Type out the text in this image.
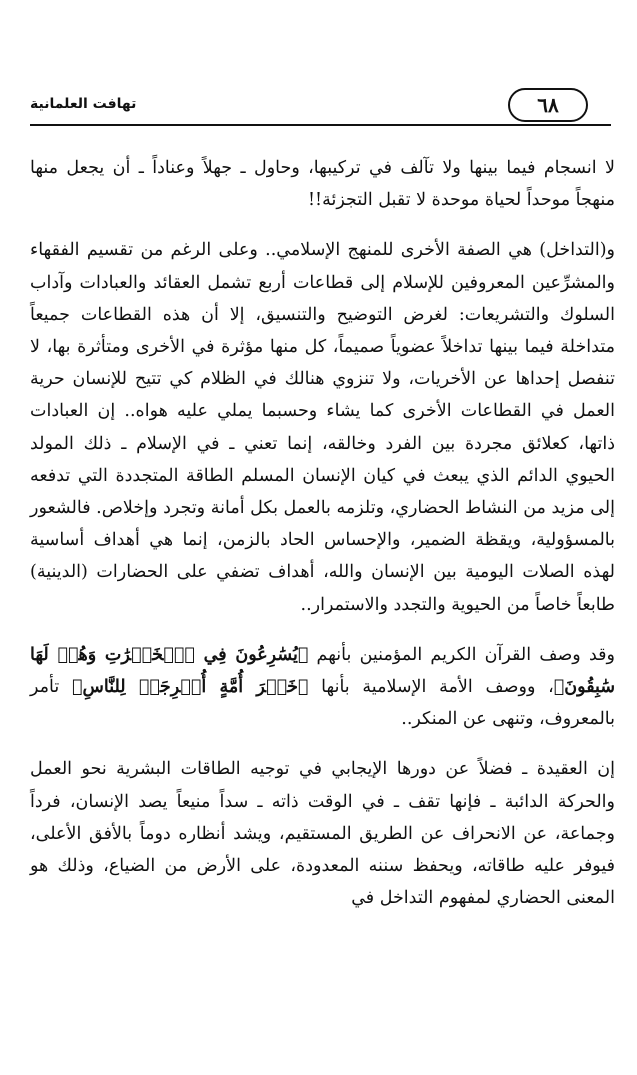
٦٨
تهافت العلمانية

لا انسجام فيما بينها ولا تآلف في تركيبها، وحاول ـ جهلاً وعناداً ـ أن يجعل منها منهجاً موحداً لحياة موحدة لا تقبل التجزئة!!

و(التداخل) هي الصفة الأخرى للمنهج الإسلامي.. وعلى الرغم من تقسيم الفقهاء والمشرِّعين المعروفين للإسلام إلى قطاعات أربع تشمل العقائد والعبادات وآداب السلوك والتشريعات: لغرض التوضيح والتنسيق، إلا أن هذه القطاعات جميعاً متداخلة فيما بينها تداخلاً عضوياً صميماً، كل منها مؤثرة في الأخرى ومتأثرة بها، لا تنفصل إحداها عن الأخريات، ولا تنزوي هنالك في الظلام كي تتيح للإنسان حرية العمل في القطاعات الأخرى كما يشاء وحسبما يملي عليه هواه.. إن العبادات ذاتها، كعلائق مجردة بين الفرد وخالقه، إنما تعني ـ في الإسلام ـ ذلك المولد الحيوي الدائم الذي يبعث في كيان الإنسان المسلم الطاقة المتجددة التي تدفعه إلى مزيد من النشاط الحضاري، وتلزمه بالعمل بكل أمانة وتجرد وإخلاص. فالشعور بالمسؤولية، ويقظة الضمير، والإحساس الحاد بالزمن، إنما هي أهداف أساسية لهذه الصلات اليومية بين الإنسان والله، أهداف تضفي على الحضارات (الدينية) طابعاً خاصاً من الحيوية والتجدد والاستمرار..

وقد وصف القرآن الكريم المؤمنين بأنهم ﴿يُسَٰرِعُونَ فِي ٱلۡخَيۡرَٰتِ وَهُمۡ لَهَا سَٰبِقُونَ﴾، ووصف الأمة الإسلامية بأنها ﴿خَيۡرَ أُمَّةٍ أُخۡرِجَتۡ لِلنَّاسِ﴾ تأمر بالمعروف، وتنهى عن المنكر..

إن العقيدة ـ فضلاً عن دورها الإيجابي في توجيه الطاقات البشرية نحو العمل والحركة الدائبة ـ فإنها تقف ـ في الوقت ذاته ـ سداً منيعاً يصد الإنسان، فرداً وجماعة، عن الانحراف عن الطريق المستقيم، ويشد أنظاره دوماً بالأفق الأعلى، فيوفر عليه طاقاته، ويحفظ سننه المعدودة، على الأرض من الضياع، وذلك هو المعنى الحضاري لمفهوم التداخل في
